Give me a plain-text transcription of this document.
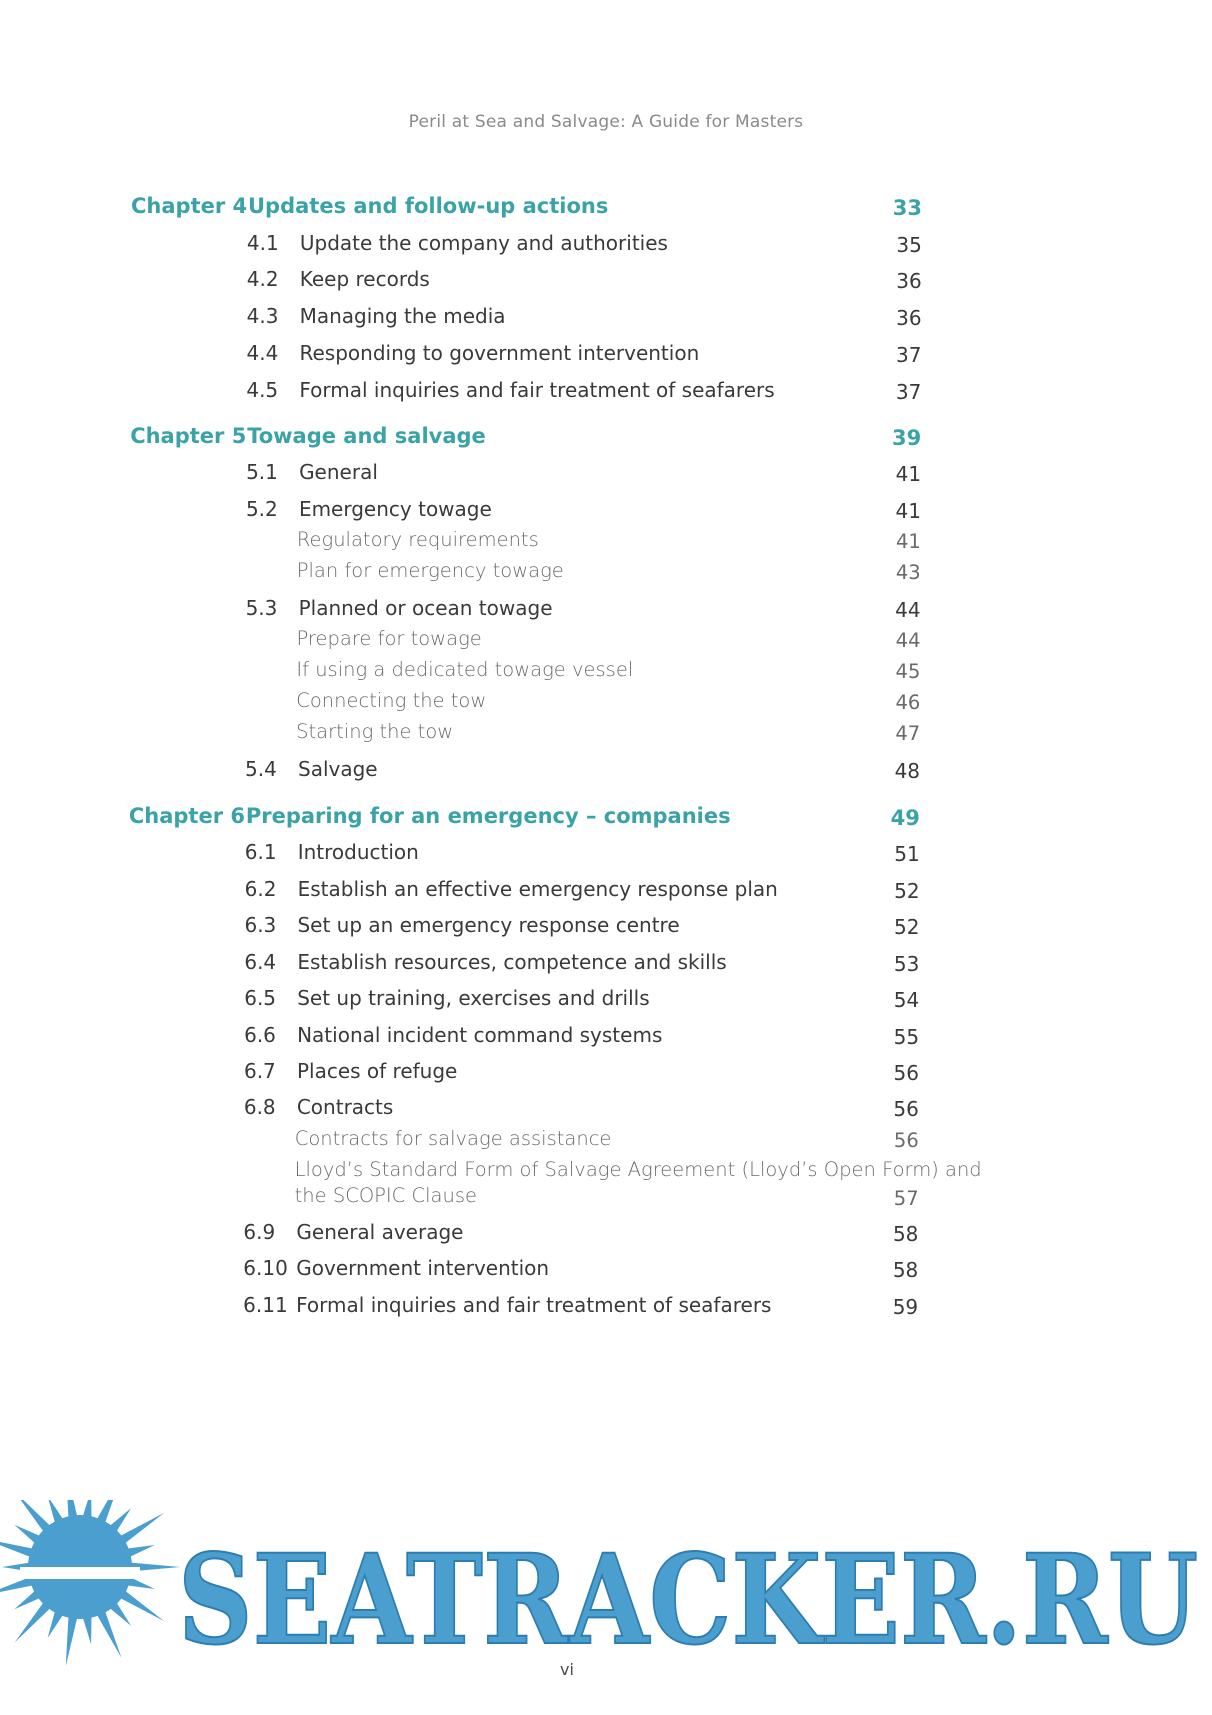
Peril at Sea and Salvage: A Guide for Masters
Chapter 4 Updates and follow-up actions	33
4.1 Update the company and authorities	35
4.2 Keep records	36
4.3 Managing the media	36
4.4 Responding to government intervention	37
4.5 Formal inquiries and fair treatment of seafarers	37
Chapter 5 Towage and salvage	39
5.1 General	41
5.2 Emergency towage	41
Regulatory requirements	41
Plan for emergency towage	43
5.3 Planned or ocean towage	44
Prepare for towage	44
If using a dedicated towage vessel	45
Connecting the tow	46
Starting the tow	47
5.4 Salvage	48
Chapter 6 Preparing for an emergency – companies	49
6.1 Introduction	51
6.2 Establish an effective emergency response plan	52
6.3 Set up an emergency response centre	52
6.4 Establish resources, competence and skills	53
6.5 Set up training, exercises and drills	54
6.6 National incident command systems	55
6.7 Places of refuge	56
6.8 Contracts	56
Contracts for salvage assistance	56
Lloyd’s Standard Form of Salvage Agreement (Lloyd’s Open Form) and
the SCOPIC Clause	57
6.9 General average	58
6.10 Government intervention	58
6.11 Formal inquiries and fair treatment of seafarers	59
SEATRACKER.RU
vi
